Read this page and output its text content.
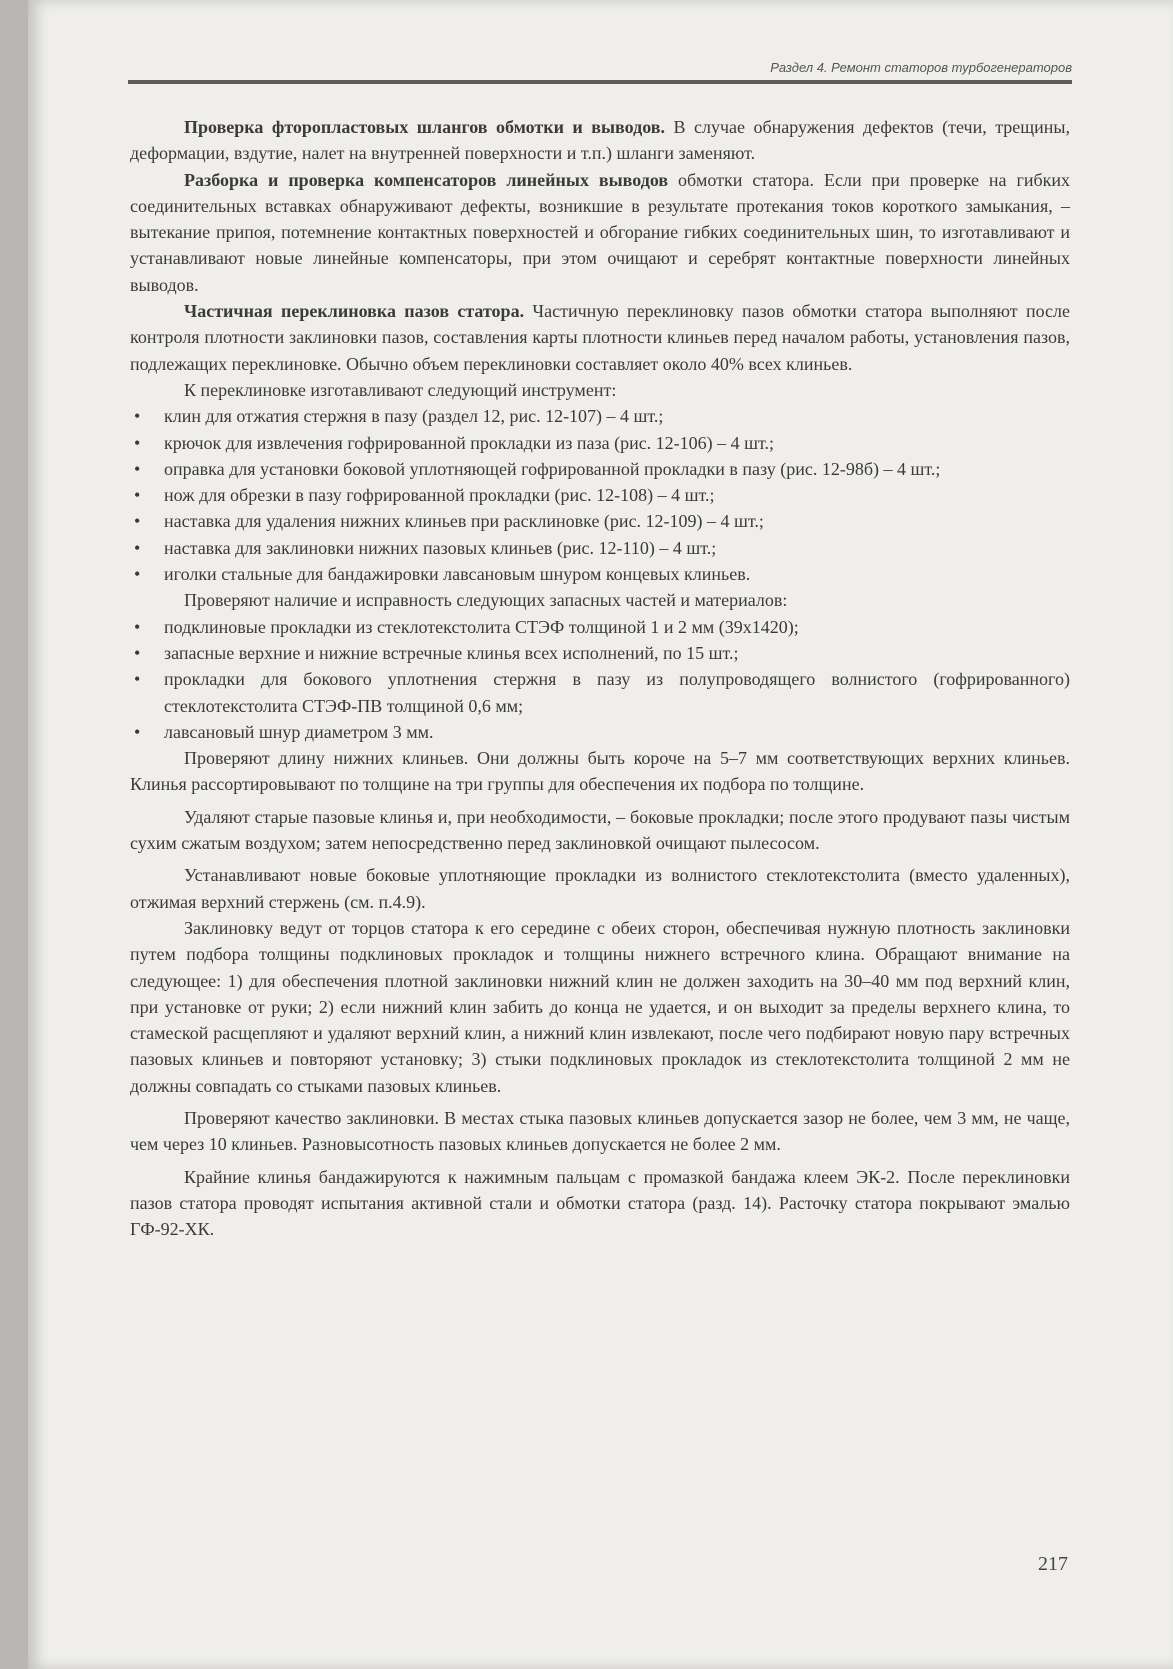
Раздел 4. Ремонт статоров турбогенераторов

Проверка фторопластовых шлангов обмотки и выводов. В случае обнаружения дефектов (течи, трещины, деформации, вздутие, налет на внутренней поверхности и т.п.) шланги заменяют.

Разборка и проверка компенсаторов линейных выводов обмотки статора. Если при проверке на гибких соединительных вставках обнаруживают дефекты, возникшие в результате протекания токов короткого замыкания, – вытекание припоя, потемнение контактных поверхностей и обгорание гибких соединительных шин, то изготавливают и устанавливают новые линейные компенсаторы, при этом очищают и серебрят контактные поверхности линейных выводов.

Частичная переклиновка пазов статора. Частичную переклиновку пазов обмотки статора выполняют после контроля плотности заклиновки пазов, составления карты плотности клиньев перед началом работы, установления пазов, подлежащих переклиновке. Обычно объем переклиновки составляет около 40% всех клиньев.

К переклиновке изготавливают следующий инструмент:

• клин для отжатия стержня в пазу (раздел 12, рис. 12-107) – 4 шт.;
• крючок для извлечения гофрированной прокладки из паза (рис. 12-106) – 4 шт.;
• оправка для установки боковой уплотняющей гофрированной прокладки в пазу (рис. 12-98б) – 4 шт.;
• нож для обрезки в пазу гофрированной прокладки (рис. 12-108) – 4 шт.;
• наставка для удаления нижних клиньев при расклиновке (рис. 12-109) – 4 шт.;
• наставка для заклиновки нижних пазовых клиньев (рис. 12-110) – 4 шт.;
• иголки стальные для бандажировки лавсановым шнуром концевых клиньев.

Проверяют наличие и исправность следующих запасных частей и материалов:

• подклиновые прокладки из стеклотекстолита СТЭФ толщиной 1 и 2 мм (39х1420);
• запасные верхние и нижние встречные клинья всех исполнений, по 15 шт.;
• прокладки для бокового уплотнения стержня в пазу из полупроводящего волнистого (гофрированного) стеклотекстолита СТЭФ-ПВ толщиной 0,6 мм;
• лавсановый шнур диаметром 3 мм.

Проверяют длину нижних клиньев. Они должны быть короче на 5–7 мм соответствующих верхних клиньев. Клинья рассортировывают по толщине на три группы для обеспечения их подбора по толщине.

Удаляют старые пазовые клинья и, при необходимости, – боковые прокладки; после этого продувают пазы чистым сухим сжатым воздухом; затем непосредственно перед заклиновкой очищают пылесосом.

Устанавливают новые боковые уплотняющие прокладки из волнистого стеклотекстолита (вместо удаленных), отжимая верхний стержень (см. п.4.9).

Заклиновку ведут от торцов статора к его середине с обеих сторон, обеспечивая нужную плотность заклиновки путем подбора толщины подклиновых прокладок и толщины нижнего встречного клина. Обращают внимание на следующее: 1) для обеспечения плотной заклиновки нижний клин не должен заходить на 30–40 мм под верхний клин, при установке от руки; 2) если нижний клин забить до конца не удается, и он выходит за пределы верхнего клина, то стамеской расщепляют и удаляют верхний клин, а нижний клин извлекают, после чего подбирают новую пару встречных пазовых клиньев и повторяют установку; 3) стыки подклиновых прокладок из стеклотекстолита толщиной 2 мм не должны совпадать со стыками пазовых клиньев.

Проверяют качество заклиновки. В местах стыка пазовых клиньев допускается зазор не более, чем 3 мм, не чаще, чем через 10 клиньев. Разновысотность пазовых клиньев допускается не более 2 мм.

Крайние клинья бандажируются к нажимным пальцам с промазкой бандажа клеем ЭК-2. После переклиновки пазов статора проводят испытания активной стали и обмотки статора (разд. 14). Расточку статора покрывают эмалью ГФ-92-ХК.

217
